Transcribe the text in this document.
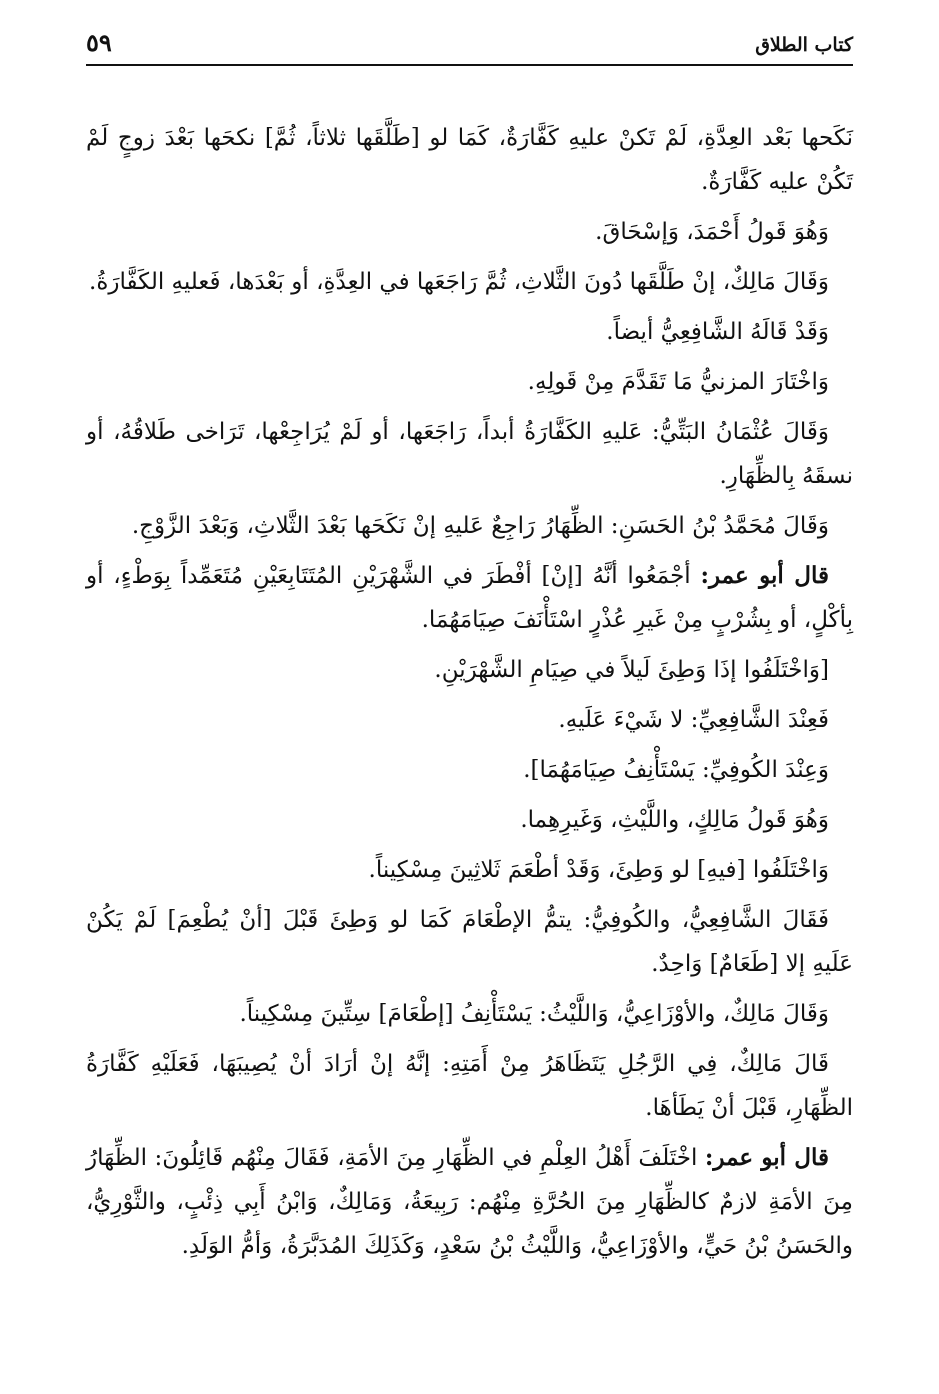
كتاب الطلاق
٥٩

نَكَحها بَعْد العِدَّةِ، لَمْ تَكنْ عليهِ كَفَّارَةٌ، كَمَا لو [طَلَّقَها ثلاثاً، ثُمَّ] نكحَها بَعْدَ زوجٍ لَمْ تَكُنْ عليه كَفَّارَةٌ.

وَهُوَ قَولُ أَحْمَدَ، وَإسْحَاقَ.

وَقَالَ مَالِكٌ، إنْ طَلَّقَها دُونَ الثَّلاثِ، ثُمَّ رَاجَعَها في العِدَّةِ، أو بَعْدَها، فَعليهِ الكَفَّارَةُ.

وَقَدْ قَالَهُ الشَّافِعِيُّ أيضاً.

وَاخْتَارَ المزنيُّ مَا تَقَدَّمَ مِنْ قَولِهِ.

وَقَالَ عُثْمَانُ البَتِّيُّ: عَليهِ الكَفَّارَةُ أبداً، رَاجَعَها، أو لَمْ يُرَاجِعْها، تَرَاخى طَلاقُهُ، أو نسقَهُ بِالظِّهَارِ.

وَقَالَ مُحَمَّدُ بْنُ الحَسَنِ: الظِّهَارُ رَاجِعٌ عَليهِ إنْ نَكَحَها بَعْدَ الثَّلاثِ، وَبَعْدَ الزَّوْجِ.

قال أبو عمر: أجْمَعُوا أنَّهُ [إنْ] أفْطَرَ في الشَّهْرَيْنِ المُتَتَابِعَيْنِ مُتَعَمِّداً بِوَطْءٍ، أو بِأكْلٍ، أو بِشُرْبٍ مِنْ غَيرِ عُذْرٍ اسْتَأْنَفَ صِيَامَهُمَا.

[وَاخْتَلَفُوا إذَا وَطِئَ لَيلاً في صِيَامِ الشَّهْرَيْنِ.

فَعِنْدَ الشَّافِعِيِّ: لا شَيْءَ عَلَيهِ.

وَعِنْدَ الكُوفِيِّ: يَسْتَأْنِفُ صِيَامَهُمَا].

وَهُوَ قَولُ مَالِكٍ، واللَّيْثِ، وَغَيرِهِما.

وَاخْتَلَفُوا [فيهِ] لو وَطِئَ، وَقَدْ أطْعَمَ ثَلاثِينَ مِسْكِيناً.

فَقَالَ الشَّافِعِيُّ، والكُوفِيُّ: يتمُّ الإطْعَامَ كَمَا لو وَطِئَ قَبْلَ [أنْ يُطْعِمَ] لَمْ يَكُنْ عَلَيهِ إلا [طَعَامٌ] وَاحِدٌ.

وَقَالَ مَالِكٌ، والأوْزَاعِيُّ، وَاللَّيْثُ: يَسْتَأْنِفُ [إطْعَامَ] سِتِّينَ مِسْكِيناً.

قَالَ مَالِكٌ، فِي الرَّجُلِ يَتَظَاهَرُ مِنْ أَمَتِهِ: إنَّهُ إنْ أرَادَ أنْ يُصِيبَهَا، فَعَلَيْهِ كَفَّارَةُ الظِّهَارِ، قَبْلَ أنْ يَطَأهَا.

قال أبو عمر: اخْتَلَفَ أَهْلُ العِلْمِ في الظِّهَارِ مِنَ الأمَةِ، فَقَالَ مِنْهُم قَائِلُونَ: الظِّهَارُ مِنَ الأمَةِ لازمٌ كالظِّهَارِ مِنَ الحُرَّةِ مِنْهُم: رَبِيعَةُ، وَمَالِكٌ، وَابْنُ أَبِي ذِئْبٍ، والثَّوْرِيُّ، والحَسَنُ بْنُ حَيٍّ، والأوْزَاعِيُّ، وَاللَّيْثُ بْنُ سَعْدٍ، وَكَذَلِكَ المُدَبَّرَةُ، وَأمُّ الوَلَدِ.
